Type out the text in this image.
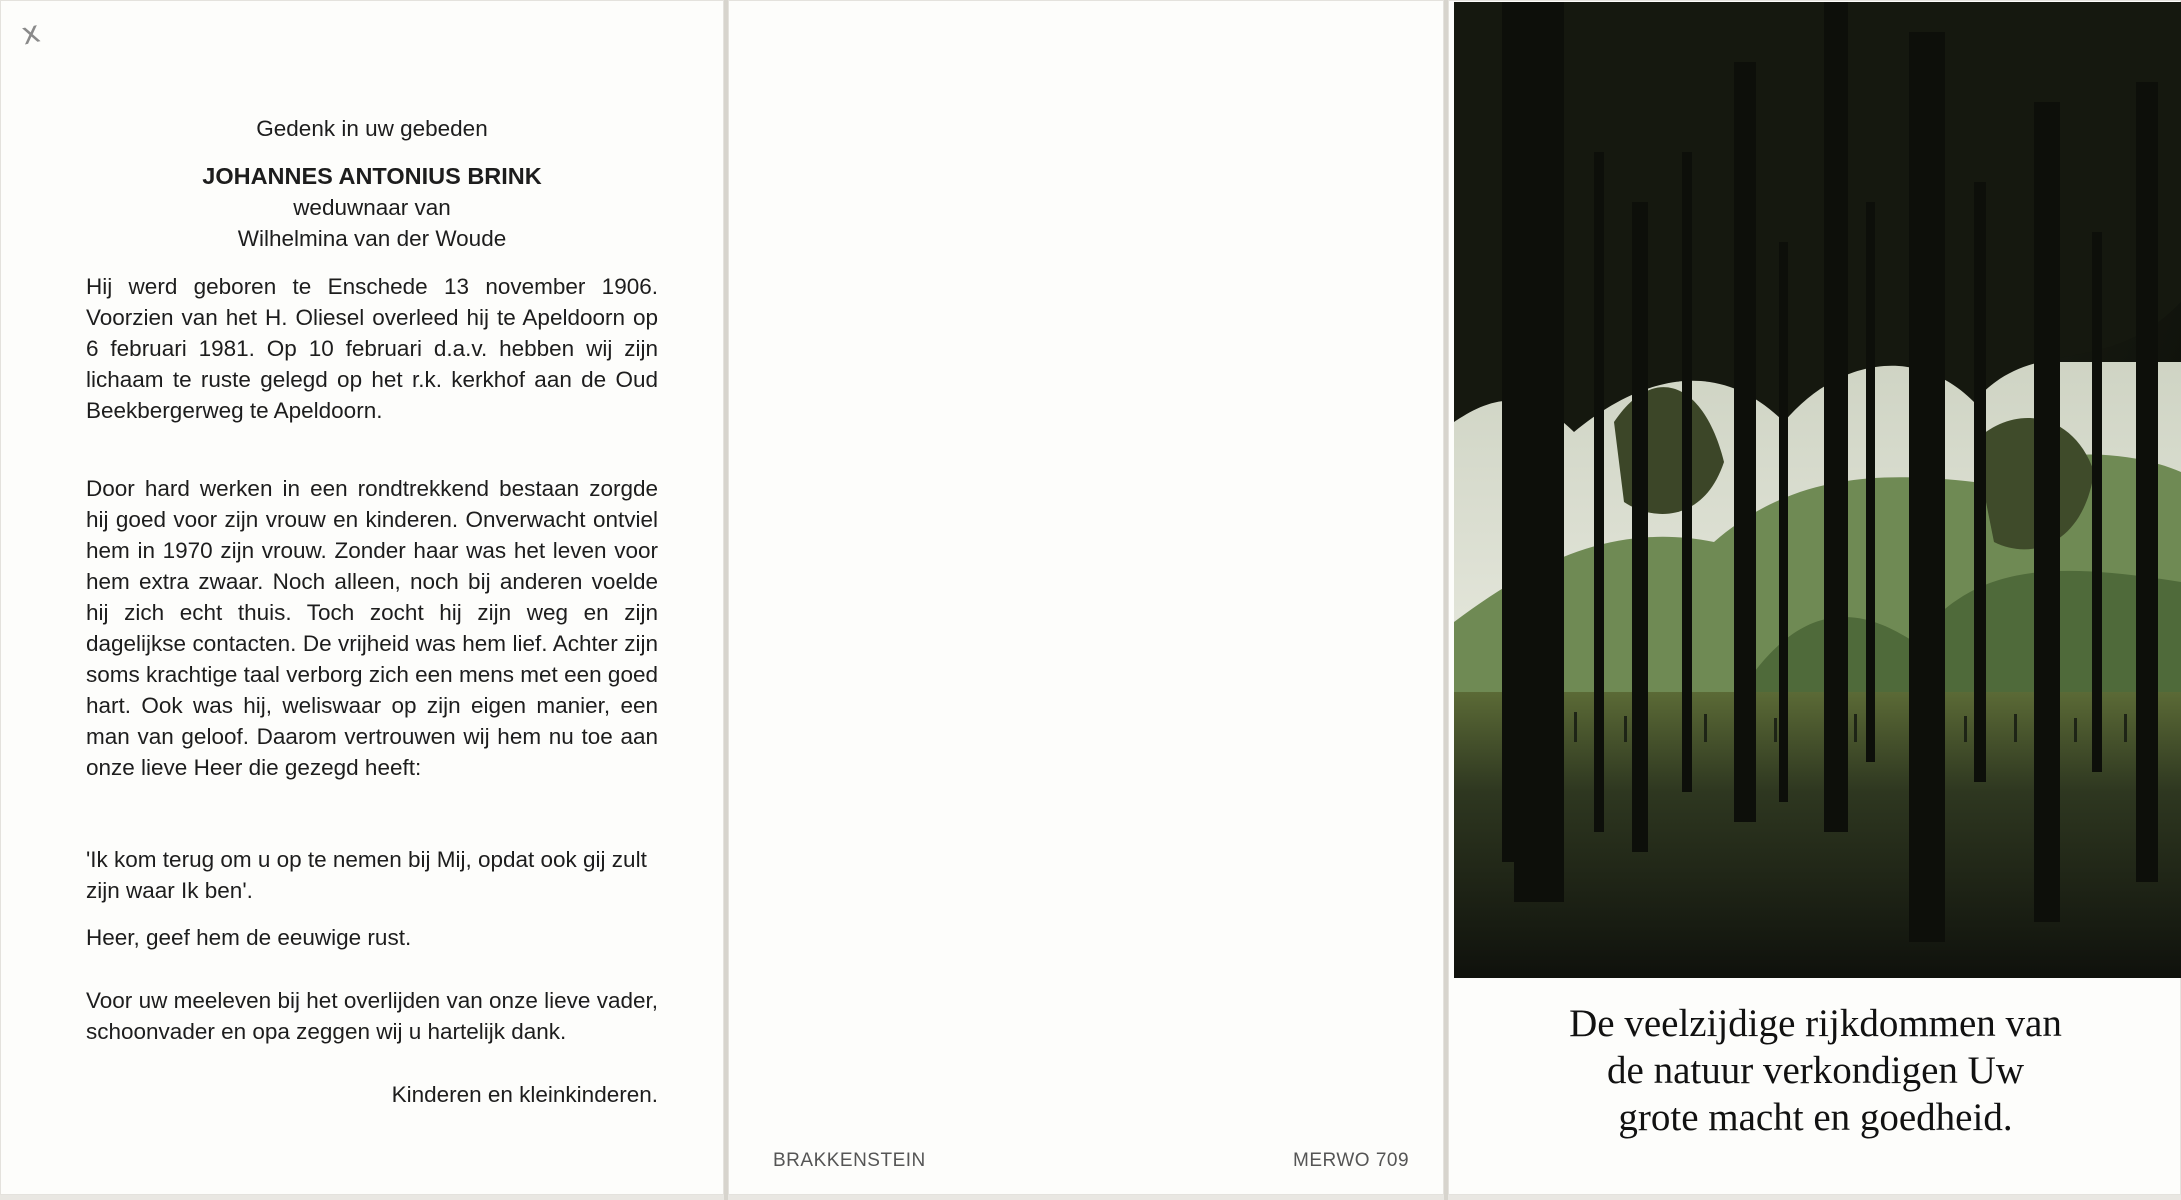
x
Gedenk in uw gebeden
JOHANNES ANTONIUS BRINK
weduwnaar van
Wilhelmina van der Woude

Hij werd geboren te Enschede 13 november 1906. Voorzien van het H. Oliesel overleed hij te Apeldoorn op 6 februari 1981. Op 10 februari d.a.v. hebben wij zijn lichaam te ruste gelegd op het r.k. kerkhof aan de Oud Beekbergerweg te Apeldoorn.

Door hard werken in een rondtrekkend bestaan zorgde hij goed voor zijn vrouw en kinderen. Onverwacht ontviel hem in 1970 zijn vrouw. Zonder haar was het leven voor hem extra zwaar. Noch alleen, noch bij anderen voelde hij zich echt thuis. Toch zocht hij zijn weg en zijn dagelijkse contacten. De vrijheid was hem lief. Achter zijn soms krachtige taal verborg zich een mens met een goed hart. Ook was hij, weliswaar op zijn eigen manier, een man van geloof. Daarom vertrouwen wij hem nu toe aan onze lieve Heer die gezegd heeft:

'Ik kom terug om u op te nemen bij Mij, opdat ook gij zult zijn waar Ik ben'.

Heer, geef hem de eeuwige rust.

Voor uw meeleven bij het overlijden van onze lieve vader, schoonvader en opa zeggen wij u hartelijk dank.

Kinderen en kleinkinderen.
BRAKKENSTEIN	MERWO 709
De veelzijdige rijkdommen van
de natuur verkondigen Uw
grote macht en goedheid.
